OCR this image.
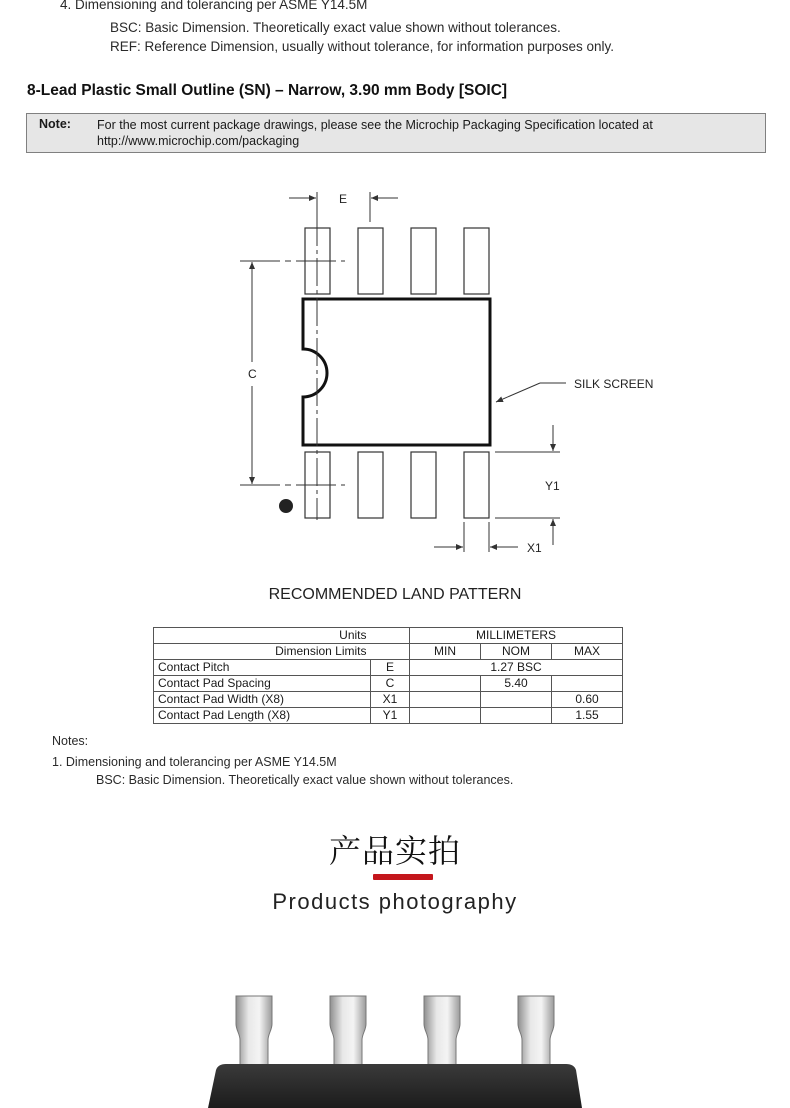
4. Dimensioning and tolerancing per ASME Y14.5M
BSC: Basic Dimension. Theoretically exact value shown without tolerances.
REF: Reference Dimension, usually without tolerance, for information purposes only.
8-Lead Plastic Small Outline (SN) – Narrow, 3.90 mm Body [SOIC]
Note: For the most current package drawings, please see the Microchip Packaging Specification located at
http://www.microchip.com/packaging
E
C
Y1
X1
SILK SCREEN
RECOMMENDED LAND PATTERN
Units		MILLIMETERS		
Dimension Limits		MIN	NOM	MAX
Contact Pitch	E		1.27 BSC	
Contact Pad Spacing	C		5.40	
Contact Pad Width (X8)	X1			0.60
Contact Pad Length (X8)	Y1			1.55
Notes:
1. Dimensioning and tolerancing per ASME Y14.5M
BSC: Basic Dimension. Theoretically exact value shown without tolerances.
产品实拍
Products photography
